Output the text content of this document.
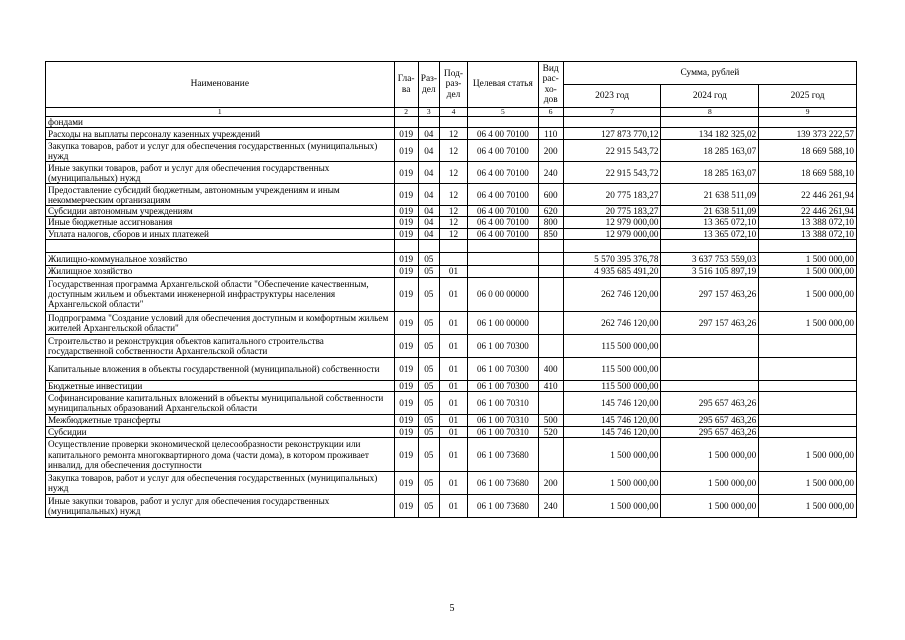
Наименование	Гла-ва	Раз-дел	Под-раз-дел	Целевая статья	Вид рас-хо-дов	Сумма, рублей		
						2023 год	2024 год	2025 год
1	2	3	4	5	6	7	8	9
фондами								
Расходы на выплаты персоналу казенных учреждений	019	04	12	06 4 00 70100	110	127 873 770,12	134 182 325,02	139 373 222,57
Закупка товаров, работ и услуг для обеспечения государственных (муниципальных) нужд	019	04	12	06 4 00 70100	200	22 915 543,72	18 285 163,07	18 669 588,10
Иные закупки товаров, работ и услуг для обеспечения государственных (муниципальных) нужд	019	04	12	06 4 00 70100	240	22 915 543,72	18 285 163,07	18 669 588,10
Предоставление субсидий бюджетным, автономным учреждениям и иным некоммерческим организациям	019	04	12	06 4 00 70100	600	20 775 183,27	21 638 511,09	22 446 261,94
Субсидии автономным учреждениям	019	04	12	06 4 00 70100	620	20 775 183,27	21 638 511,09	22 446 261,94
Иные бюджетные ассигнования	019	04	12	06 4 00 70100	800	12 979 000,00	13 365 072,10	13 388 072,10
Уплата налогов, сборов и иных платежей	019	04	12	06 4 00 70100	850	12 979 000,00	13 365 072,10	13 388 072,10

Жилищно-коммунальное хозяйство	019	05				5 570 395 376,78	3 637 753 559,03	1 500 000,00
Жилищное хозяйство	019	05	01			4 935 685 491,20	3 516 105 897,19	1 500 000,00
Государственная программа Архангельской области "Обеспечение качественным, доступным жильем и объектами инженерной инфраструктуры населения Архангельской области"	019	05	01	06 0 00 00000		262 746 120,00	297 157 463,26	1 500 000,00
Подпрограмма "Создание условий для обеспечения доступным и комфортным жильем жителей Архангельской области"	019	05	01	06 1 00 00000		262 746 120,00	297 157 463,26	1 500 000,00
Строительство и реконструкция объектов капитального строительства государственной собственности Архангельской области	019	05	01	06 1 00 70300		115 500 000,00		
Капитальные вложения в объекты государственной (муниципальной) собственности	019	05	01	06 1 00 70300	400	115 500 000,00		
Бюджетные инвестиции	019	05	01	06 1 00 70300	410	115 500 000,00		
Софинансирование капитальных вложений в объекты муниципальной собственности муниципальных образований Архангельской области	019	05	01	06 1 00 70310		145 746 120,00	295 657 463,26	
Межбюджетные трансферты	019	05	01	06 1 00 70310	500	145 746 120,00	295 657 463,26	
Субсидии	019	05	01	06 1 00 70310	520	145 746 120,00	295 657 463,26	
Осуществление проверки экономической целесообразности реконструкции или капитального ремонта многоквартирного дома (части дома), в котором проживает инвалид, для обеспечения доступности	019	05	01	06 1 00 73680		1 500 000,00	1 500 000,00	1 500 000,00
Закупка товаров, работ и услуг для обеспечения государственных (муниципальных) нужд	019	05	01	06 1 00 73680	200	1 500 000,00	1 500 000,00	1 500 000,00
Иные закупки товаров, работ и услуг для обеспечения государственных (муниципальных) нужд	019	05	01	06 1 00 73680	240	1 500 000,00	1 500 000,00	1 500 000,00
5
